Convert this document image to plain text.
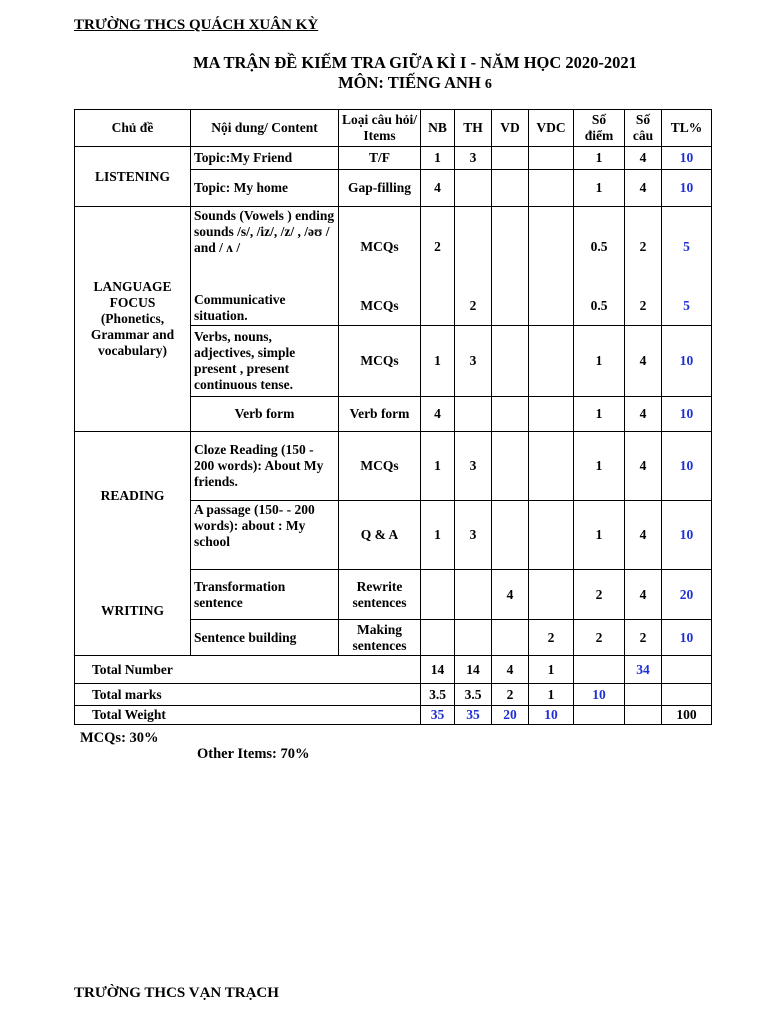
TRƯỜNG THCS QUÁCH XUÂN KỲ
MA TRẬN ĐỀ KIẾM TRA GIỮA KÌ I - NĂM HỌC 2020-2021
MÔN: TIẾNG ANH 6
Chủ đề	Nội dung/ Content	Loại câu hỏi/ Items	NB	TH	VD	VDC	Số điểm	Số câu	TL%
LISTENING	Topic:My Friend	T/F	1	3			1	4	10
	Topic: My home	Gap-filling	4				1	4	10
LANGUAGE FOCUS (Phonetics, Grammar and vocabulary)	Sounds (Vowels ) ending sounds /s/, /iz/, /z/ , /əʊ / and / ʌ /	MCQs	2				0.5	2	5
	Communicative situation.	MCQs		2			0.5	2	5
	Verbs, nouns, adjectives, simple present , present continuous tense.	MCQs	1	3			1	4	10
	Verb form	Verb form	4				1	4	10
READING	Cloze Reading (150 - 200 words): About My friends.	MCQs	1	3			1	4	10
	A passage (150- - 200 words): about : My school	Q & A	1	3			1	4	10
WRITING	Transformation sentence	Rewrite sentences			4		2	4	20
	Sentence building	Making sentences				2	2	2	10
Total Number			14	14	4	1		34	
Total marks			3.5	3.5	2	1	10		
Total Weight			35	35	20	10			100
MCQs: 30%
Other Items: 70%
TRƯỜNG THCS VẠN TRẠCH
